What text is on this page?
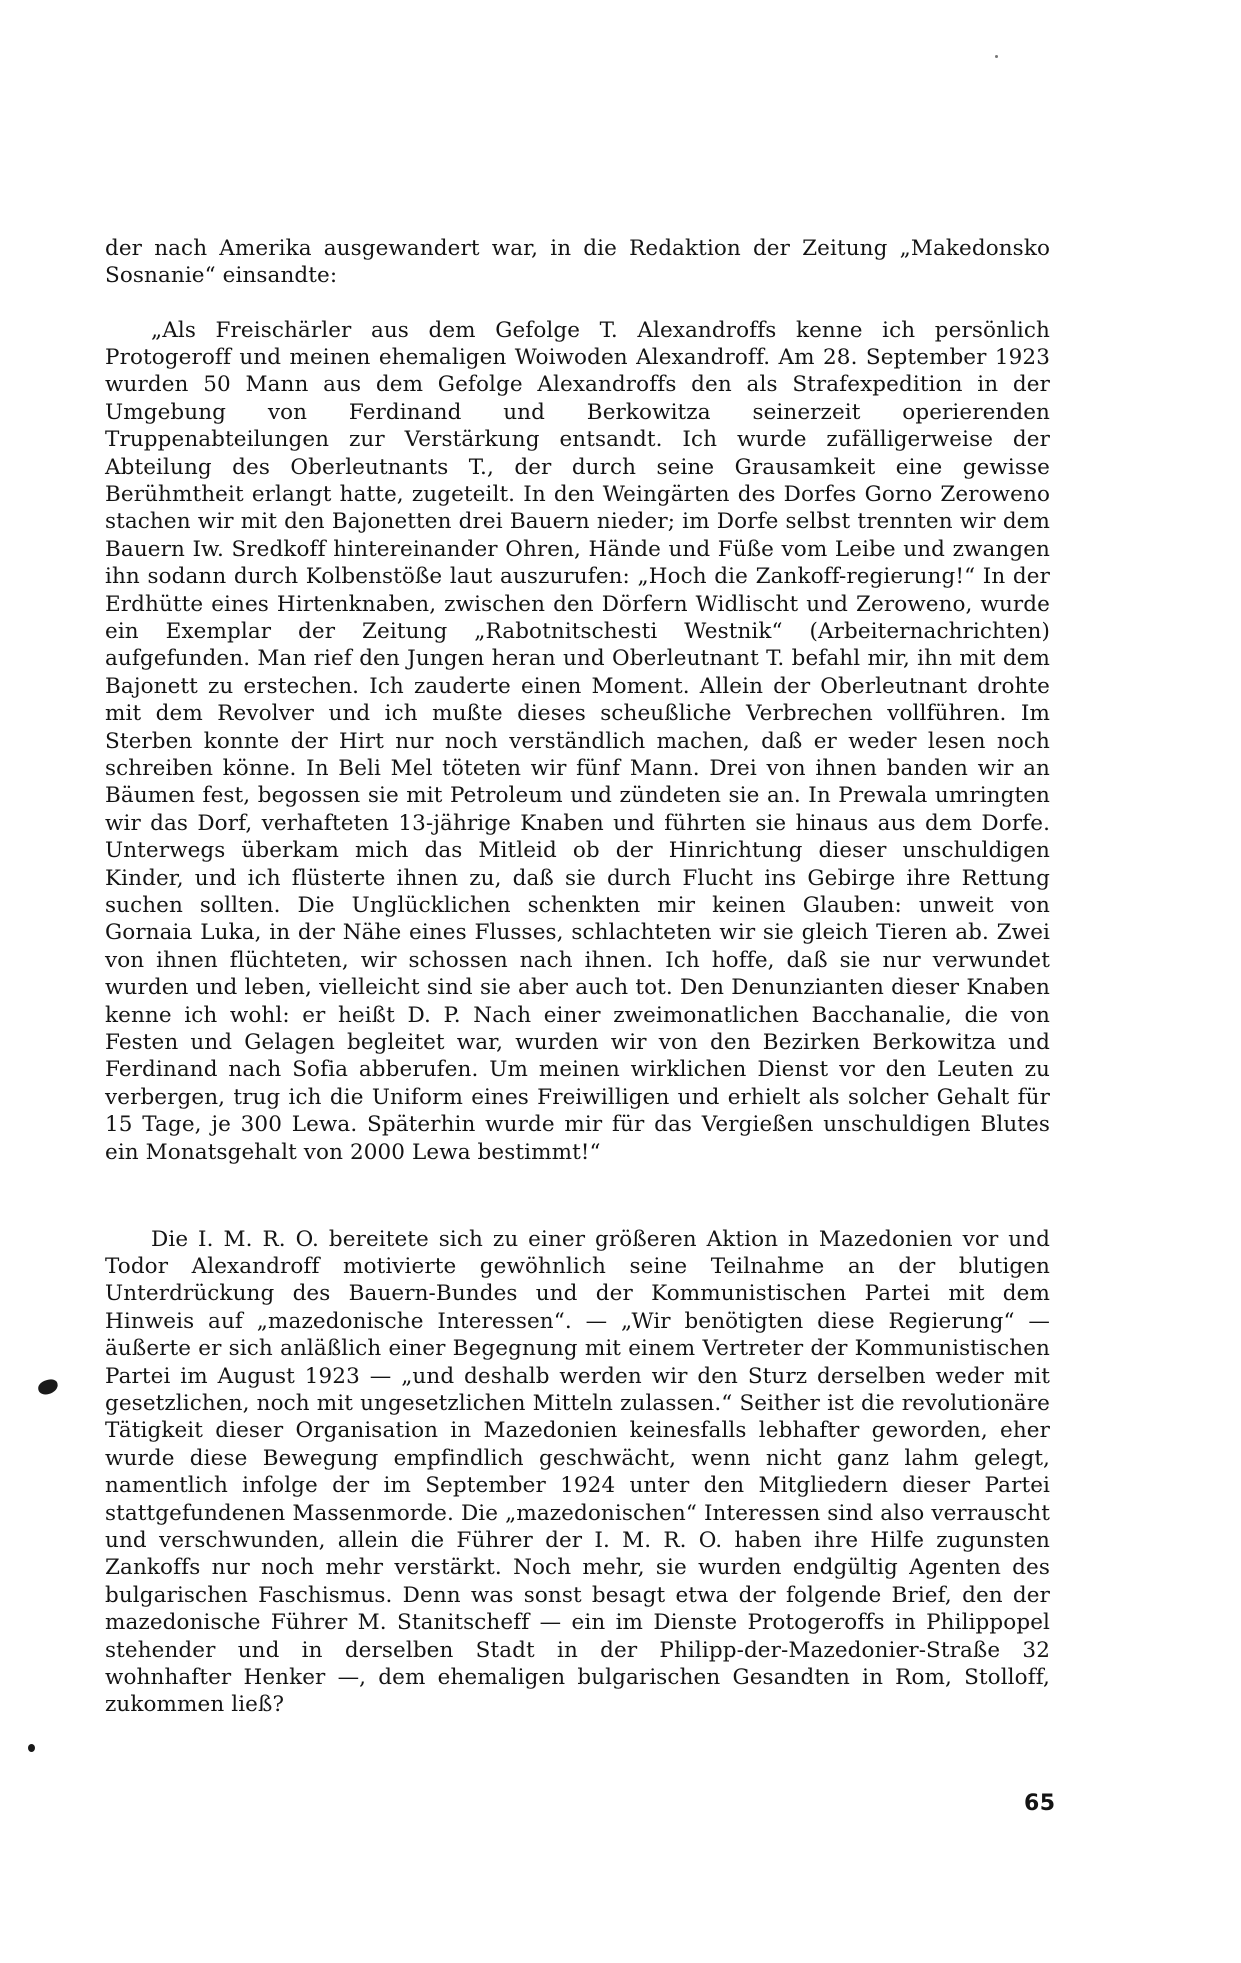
der nach Amerika ausgewandert war, in die Redaktion der Zeitung „Makedonsko Sosnanie“ einsandte:

„Als Freischärler aus dem Gefolge T. Alexandroffs kenne ich persönlich Protogeroff und meinen ehemaligen Woiwoden Alexandroff. Am 28. September 1923 wurden 50 Mann aus dem Gefolge Alexandroffs den als Strafexpedition in der Umgebung von Ferdinand und Berkowitza seinerzeit operierenden Truppenabteilungen zur Verstärkung entsandt. Ich wurde zufälligerweise der Abteilung des Oberleutnants T., der durch seine Grausamkeit eine gewisse Berühmtheit erlangt hatte, zugeteilt. In den Weingärten des Dorfes Gorno Zeroweno stachen wir mit den Bajonetten drei Bauern nieder; im Dorfe selbst trennten wir dem Bauern Iw. Sredkoff hintereinander Ohren, Hände und Füße vom Leibe und zwangen ihn sodann durch Kolbenstöße laut auszurufen: „Hoch die Zankoff-regierung!“ In der Erdhütte eines Hirtenknaben, zwischen den Dörfern Widlischt und Zeroweno, wurde ein Exemplar der Zeitung „Rabotnitschesti Westnik“ (Arbeiternachrichten) aufgefunden. Man rief den Jungen heran und Oberleutnant T. befahl mir, ihn mit dem Bajonett zu erstechen. Ich zauderte einen Moment. Allein der Oberleutnant drohte mit dem Revolver und ich mußte dieses scheußliche Verbrechen vollführen. Im Sterben konnte der Hirt nur noch verständlich machen, daß er weder lesen noch schreiben könne. In Beli Mel töteten wir fünf Mann. Drei von ihnen banden wir an Bäumen fest, begossen sie mit Petroleum und zündeten sie an. In Prewala umringten wir das Dorf, verhafteten 13-jährige Knaben und führten sie hinaus aus dem Dorfe. Unterwegs überkam mich das Mitleid ob der Hinrichtung dieser unschuldigen Kinder, und ich flüsterte ihnen zu, daß sie durch Flucht ins Gebirge ihre Rettung suchen sollten. Die Unglücklichen schenkten mir keinen Glauben: unweit von Gornaia Luka, in der Nähe eines Flusses, schlachteten wir sie gleich Tieren ab. Zwei von ihnen flüchteten, wir schossen nach ihnen. Ich hoffe, daß sie nur verwundet wurden und leben, vielleicht sind sie aber auch tot. Den Denunzianten dieser Knaben kenne ich wohl: er heißt D. P. Nach einer zweimonatlichen Bacchanalie, die von Festen und Gelagen begleitet war, wurden wir von den Bezirken Berkowitza und Ferdinand nach Sofia abberufen. Um meinen wirklichen Dienst vor den Leuten zu verbergen, trug ich die Uniform eines Freiwilligen und erhielt als solcher Gehalt für 15 Tage, je 300 Lewa. Späterhin wurde mir für das Vergießen unschuldigen Blutes ein Monatsgehalt von 2000 Lewa bestimmt!“

Die I. M. R. O. bereitete sich zu einer größeren Aktion in Mazedonien vor und Todor Alexandroff motivierte gewöhnlich seine Teilnahme an der blutigen Unterdrückung des Bauern-Bundes und der Kommunistischen Partei mit dem Hinweis auf „mazedonische Interessen“. — „Wir benötigten diese Regierung“ — äußerte er sich anläßlich einer Begegnung mit einem Vertreter der Kommunistischen Partei im August 1923 — „und deshalb werden wir den Sturz derselben weder mit gesetzlichen, noch mit ungesetzlichen Mitteln zulassen.“ Seither ist die revolutionäre Tätigkeit dieser Organisation in Mazedonien keinesfalls lebhafter geworden, eher wurde diese Bewegung empfindlich geschwächt, wenn nicht ganz lahm gelegt, namentlich infolge der im September 1924 unter den Mitgliedern dieser Partei stattgefundenen Massenmorde. Die „mazedonischen“ Interessen sind also verrauscht und verschwunden, allein die Führer der I. M. R. O. haben ihre Hilfe zugunsten Zankoffs nur noch mehr verstärkt. Noch mehr, sie wurden endgültig Agenten des bulgarischen Faschismus. Denn was sonst besagt etwa der folgende Brief, den der mazedonische Führer M. Stanitscheff — ein im Dienste Protogeroffs in Philippopel stehender und in derselben Stadt in der Philipp-der-Mazedonier-Straße 32 wohnhafter Henker —, dem ehemaligen bulgarischen Gesandten in Rom, Stolloff, zukommen ließ?

65
